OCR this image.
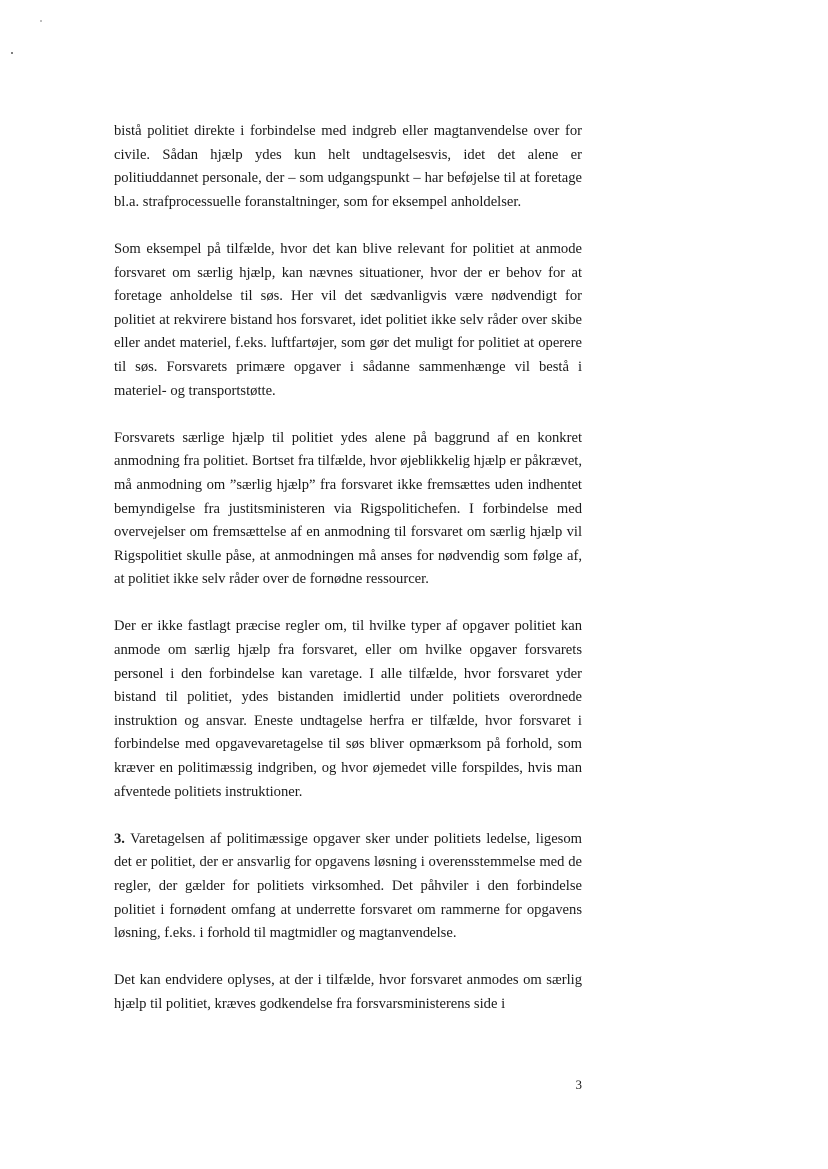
bistå politiet direkte i forbindelse med indgreb eller magtanvendelse over for civile. Sådan hjælp ydes kun helt undtagelsesvis, idet det alene er politiuddannet personale, der – som udgangspunkt – har beføjelse til at foretage bl.a. strafprocessuelle foranstaltninger, som for eksempel anholdelser.

Som eksempel på tilfælde, hvor det kan blive relevant for politiet at anmode forsvaret om særlig hjælp, kan nævnes situationer, hvor der er behov for at foretage anholdelse til søs. Her vil det sædvanligvis være nødvendigt for politiet at rekvirere bistand hos forsvaret, idet politiet ikke selv råder over skibe eller andet materiel, f.eks. luftfartøjer, som gør det muligt for politiet at operere til søs. Forsvarets primære opgaver i sådanne sammenhænge vil bestå i materiel- og transportstøtte.

Forsvarets særlige hjælp til politiet ydes alene på baggrund af en konkret anmodning fra politiet. Bortset fra tilfælde, hvor øjeblikkelig hjælp er påkrævet, må anmodning om ”særlig hjælp” fra forsvaret ikke fremsættes uden indhentet bemyndigelse fra justitsministeren via Rigspolitichefen. I forbindelse med overvejelser om fremsættelse af en anmodning til forsvaret om særlig hjælp vil Rigspolitiet skulle påse, at anmodningen må anses for nødvendig som følge af, at politiet ikke selv råder over de fornødne ressourcer.

Der er ikke fastlagt præcise regler om, til hvilke typer af opgaver politiet kan anmode om særlig hjælp fra forsvaret, eller om hvilke opgaver forsvarets personel i den forbindelse kan varetage. I alle tilfælde, hvor forsvaret yder bistand til politiet, ydes bistanden imidlertid under politiets overordnede instruktion og ansvar. Eneste undtagelse herfra er tilfælde, hvor forsvaret i forbindelse med opgavevaretagelse til søs bliver opmærksom på forhold, som kræver en politimæssig indgriben, og hvor øjemedet ville forspildes, hvis man afventede politiets instruktioner.

3. Varetagelsen af politimæssige opgaver sker under politiets ledelse, ligesom det er politiet, der er ansvarlig for opgavens løsning i overensstemmelse med de regler, der gælder for politiets virksomhed. Det påhviler i den forbindelse politiet i fornødent omfang at underrette forsvaret om rammerne for opgavens løsning, f.eks. i forhold til magtmidler og magtanvendelse.

Det kan endvidere oplyses, at der i tilfælde, hvor forsvaret anmodes om særlig hjælp til politiet, kræves godkendelse fra forsvarsministerens side i

3
